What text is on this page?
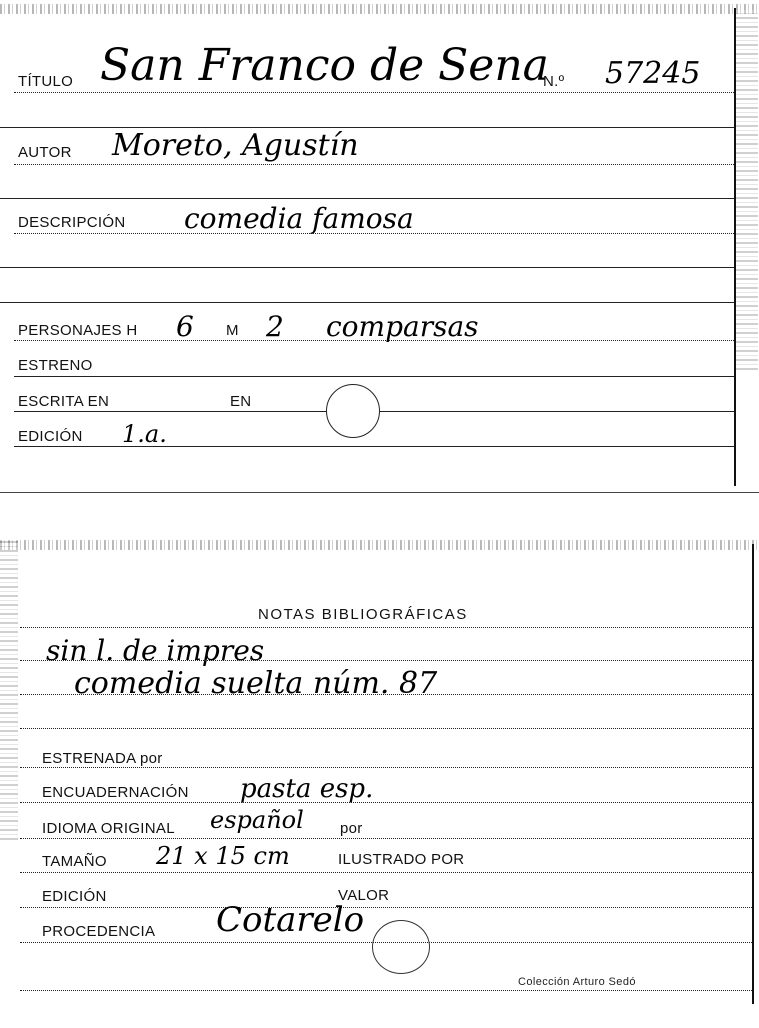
TÍTULO San Franco de Sena
N.º 57245
AUTOR Moreto, Agustín
DESCRIPCIÓN comedia famosa
PERSONAJES H 6 M 2 comparsas
ESTRENO
ESCRITA EN	EN
EDICIÓN 1.a.
NOTAS BIBLIOGRÁFICAS
sin l. de impres
comedia suelta núm. 87
ESTRENADA por
ENCUADERNACIÓN pasta esp.
IDIOMA ORIGINAL español por
TAMAÑO 21 x 15 cm	ILUSTRADO POR
EDICIÓN	VALOR
PROCEDENCIA Cotarelo
Colección Arturo Sedó
